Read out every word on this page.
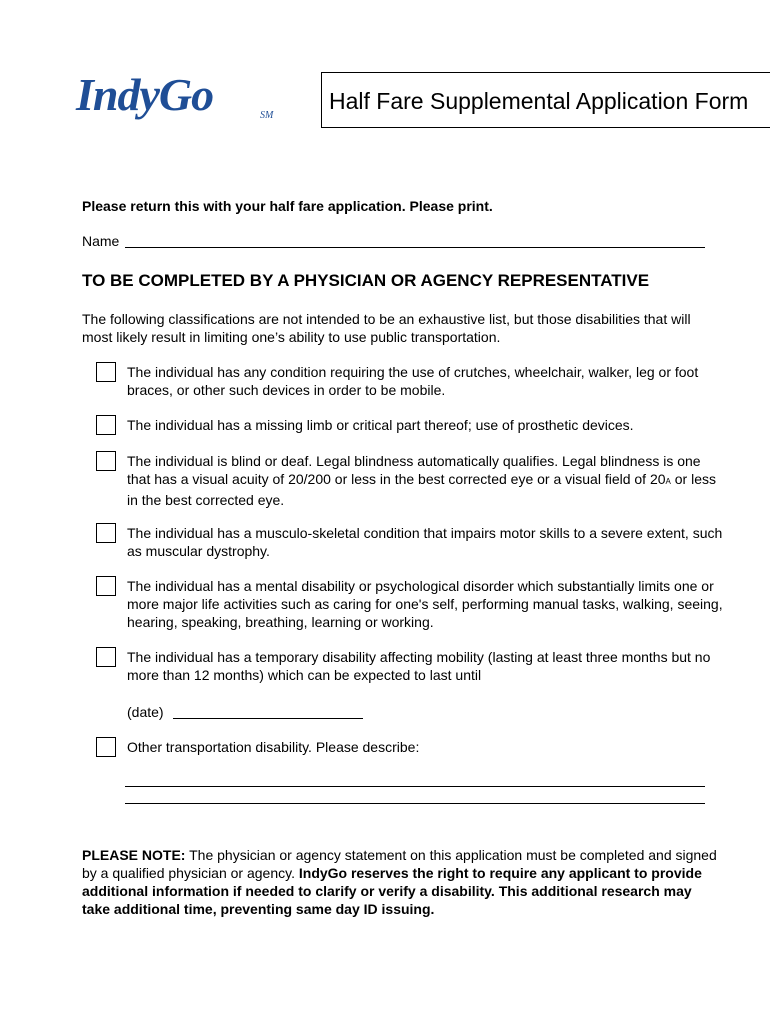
IndyGo	SM
Half Fare Supplemental Application Form
Please return this with your half fare application. Please print.
Name
TO BE COMPLETED BY A PHYSICIAN OR AGENCY REPRESENTATIVE
The following classifications are not intended to be an exhaustive list, but those disabilities that will most likely result in limiting one’s ability to use public transportation.
The individual has any condition requiring the use of crutches, wheelchair, walker, leg or foot braces, or other such devices in order to be mobile.
The individual has a missing limb or critical part thereof; use of prosthetic devices.
The individual is blind or deaf. Legal blindness automatically qualifies. Legal blindness is one that has a visual acuity of 20/200 or less in the best corrected eye or a visual field of 20A or less in the best corrected eye.
The individual has a musculo-skeletal condition that impairs motor skills to a severe extent, such as muscular dystrophy.
The individual has a mental disability or psychological disorder which substantially limits one or more major life activities such as caring for one's self, performing manual tasks, walking, seeing, hearing, speaking, breathing, learning or working.
The individual has a temporary disability affecting mobility (lasting at least three months but no more than 12 months) which can be expected to last until
(date)
Other transportation disability. Please describe:
PLEASE NOTE: The physician or agency statement on this application must be completed and signed by a qualified physician or agency. IndyGo reserves the right to require any applicant to provide additional information if needed to clarify or verify a disability. This additional research may take additional time, preventing same day ID issuing.
